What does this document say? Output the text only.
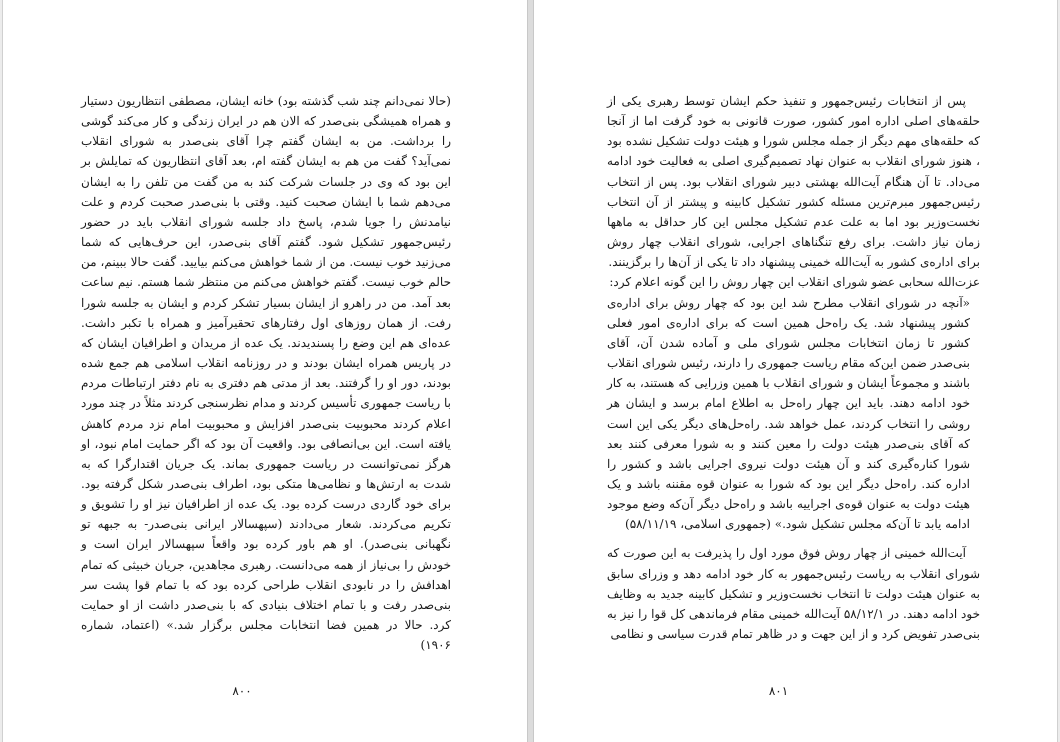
(حالا نمی‌دانم چند شب گذشته بود) خانه ایشان، مصطفی انتظاریون دستیار و همراه همیشگی بنی‌صدر که الان هم در ایران زندگی و کار می‌کند گوشی را برداشت. من به ایشان گفتم چرا آقای بنی‌صدر به شورای انقلاب نمی‌آید؟ گفت من هم به ایشان گفته ام، بعد آقای انتظاریون که تمایلش بر این بود که وی در جلسات شرکت کند به من گفت من تلفن را به ایشان می‌دهم شما با ایشان صحبت کنید. وقتی با بنی‌صدر صحبت کردم و علت نیامدنش را جویا شدم، پاسخ داد جلسه شورای انقلاب باید در حضور رئیس‌جمهور تشکیل شود. گفتم آقای بنی‌صدر، این حرف‌هایی که شما می‌زنید خوب نیست. من از شما خواهش می‌کنم بیایید. گفت حالا ببینم، من حالم خوب نیست. گفتم خواهش می‌کنم من منتظر شما هستم. نیم ساعت بعد آمد. من در راهرو از ایشان بسیار تشکر کردم و ایشان به جلسه شورا رفت. از همان روزهای اول رفتارهای تحقیرآمیز و همراه با تکبر داشت. عده‌ای هم این وضع را پسندیدند. یک عده از مریدان و اطرافیان ایشان که در پاریس همراه ایشان بودند و در روزنامه انقلاب اسلامی هم جمع شده بودند، دور او را گرفتند. بعد از مدتی هم دفتری به نام دفتر ارتباطات مردم با ریاست جمهوری تأسیس کردند و مدام نظرسنجی کردند مثلاً در چند مورد اعلام کردند محبوبیت بنی‌صدر افزایش و محبوبیت امام نزد مردم کاهش یافته است. این بی‌انصافی بود. واقعیت آن بود که اگر حمایت امام نبود، او هرگز نمی‌توانست در ریاست جمهوری بماند. یک جریان اقتدارگرا که به شدت به ارتش‌ها و نظامی‌ها متکی بود، اطراف بنی‌صدر شکل گرفته بود. برای خود گاردی درست کرده بود. یک عده از اطرافیان نیز او را تشویق و تکریم می‌کردند. شعار می‌دادند (سپهسالار ایرانی بنی‌صدر- به جبهه تو نگهبانی بنی‌صدر). او هم باور کرده بود واقعاً سپهسالار ایران است و خودش را بی‌نیاز از همه می‌دانست. رهبری مجاهدین، جریان خبیثی که تمام اهدافش را در نابودی انقلاب طراحی کرده بود که با تمام قوا پشت سر بنی‌صدر رفت و با تمام اختلاف بنیادی که با بنی‌صدر داشت از او حمایت کرد. حالا در همین فضا انتخابات مجلس برگزار شد.» (اعتماد، شماره ۱۹۰۶)

۸۰۰

پس از انتخابات رئیس‌جمهور و تنفیذ حکم ایشان توسط رهبری یکی از حلقه‌های اصلی اداره امور کشور، صورت قانونی به خود گرفت اما از آنجا که حلقه‌های مهم دیگر از جمله مجلس شورا و هیئت دولت تشکیل نشده بود ، هنوز شورای انقلاب به عنوان نهاد تصمیم‌گیری اصلی به فعالیت خود ادامه می‌داد. تا آن هنگام آیت‌الله بهشتی دبیر شورای انقلاب بود. پس از انتخاب رئیس‌جمهور مبرم‌ترین مسئله کشور تشکیل کابینه و پیشتر از آن انتخاب نخست‌وزیر بود اما به علت عدم تشکیل مجلس این کار حداقل به ماهها زمان نیاز داشت. برای رفع تنگناهای اجرایی، شورای انقلاب چهار روش برای اداره‌ی کشور به آیت‌الله خمینی پیشنهاد داد تا یکی از آن‌ها را برگزینند.

عزت‌الله سحابی عضو شورای انقلاب این چهار روش را این گونه اعلام کرد:

«آنچه در شورای انقلاب مطرح شد این بود که چهار روش برای اداره‌ی کشور پیشنهاد شد. یک راه‌حل همین است که برای اداره‌ی امور فعلی کشور تا زمان انتخابات مجلس شورای ملی و آماده شدن آن، آقای بنی‌صدر ضمن این‌که مقام ریاست جمهوری را دارند، رئیس شورای انقلاب باشند و مجموعاً ایشان و شورای انقلاب با همین وزرایی که هستند، به کار خود ادامه دهند. باید این چهار راه‌حل به اطلاع امام برسد و ایشان هر روشی را انتخاب کردند، عمل خواهد شد. راه‌حل‌های دیگر یکی این است که آقای بنی‌صدر هیئت دولت را معین کنند و به شورا معرفی کنند بعد شورا کناره‌گیری کند و آن هیئت دولت نیروی اجرایی باشد و کشور را اداره کند. راه‌حل دیگر این بود که شورا به عنوان قوه مقننه باشد و یک هیئت دولت به عنوان قوه‌ی اجراییه باشد و راه‌حل دیگر آن‌که وضع موجود ادامه یابد تا آن‌که مجلس تشکیل شود.» (جمهوری اسلامی، ۵۸/۱۱/۱۹)

آیت‌الله خمینی از چهار روش فوق مورد اول را پذیرفت به این صورت که شورای انقلاب به ریاست رئیس‌جمهور به کار خود ادامه دهد و وزرای سابق به عنوان هیئت دولت تا انتخاب نخست‌وزیر و تشکیل کابینه جدید به وظایف خود ادامه دهند. در ۵۸/۱۲/۱ آیت‌الله خمینی مقام فرماندهی کل قوا را نیز به بنی‌صدر تفویض کرد و از این جهت و در ظاهر تمام قدرت سیاسی و نظامی

۸۰۱
